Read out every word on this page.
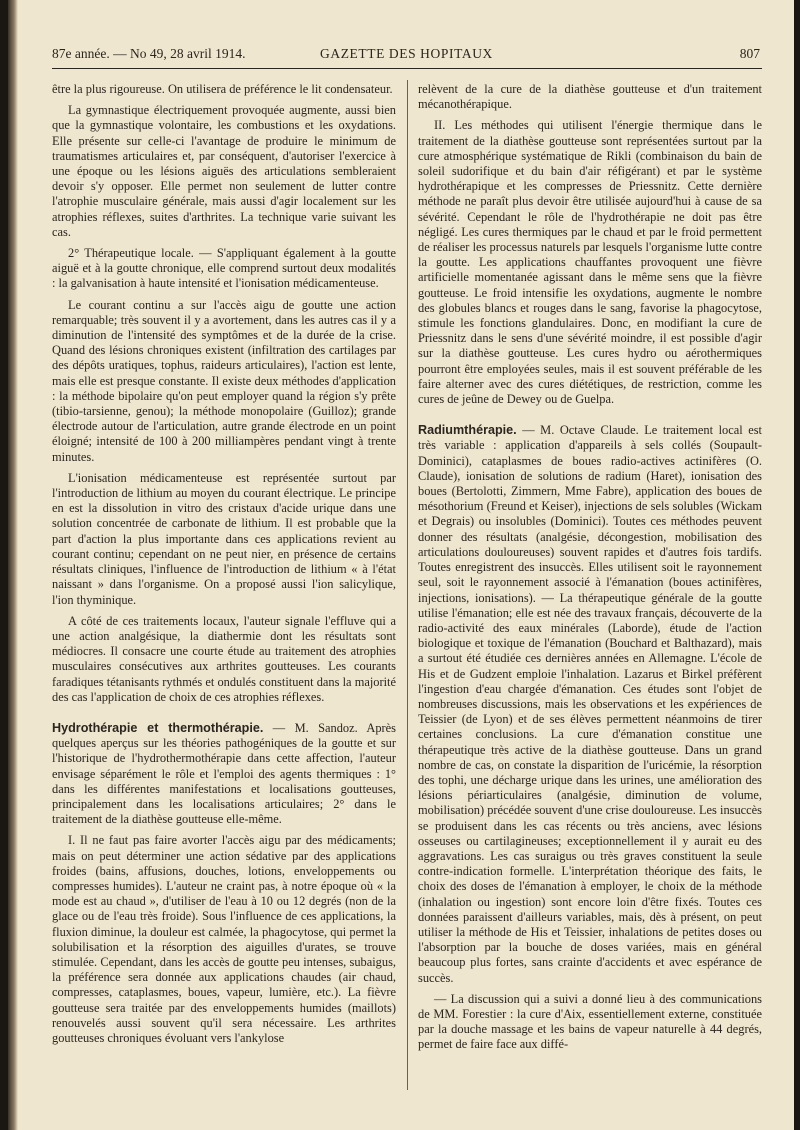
87e année. — No 49, 28 avril 1914.	GAZETTE DES HOPITAUX	807

être la plus rigoureuse. On utilisera de préférence le lit condensateur.

La gymnastique électriquement provoquée augmente, aussi bien que la gymnastique volontaire, les combustions et les oxydations. Elle présente sur celle-ci l'avantage de produire le minimum de traumatismes articulaires et, par conséquent, d'autoriser l'exercice à une époque ou les lésions aiguës des articulations sembleraient devoir s'y opposer. Elle permet non seulement de lutter contre l'atrophie musculaire générale, mais aussi d'agir localement sur les atrophies réflexes, suites d'arthrites. La technique varie suivant les cas.

2° Thérapeutique locale. — S'appliquant également à la goutte aiguë et à la goutte chronique, elle comprend surtout deux modalités : la galvanisation à haute intensité et l'ionisation médicamenteuse.

Le courant continu a sur l'accès aigu de goutte une action remarquable; très souvent il y a avortement, dans les autres cas il y a diminution de l'intensité des symptômes et de la durée de la crise. Quand des lésions chroniques existent (infiltration des cartilages par des dépôts uratiques, tophus, raideurs articulaires), l'action est lente, mais elle est presque constante. Il existe deux méthodes d'application : la méthode bipolaire qu'on peut employer quand la région s'y prête (tibio-tarsienne, genou); la méthode monopolaire (Guilloz); grande électrode autour de l'articulation, autre grande électrode en un point éloigné; intensité de 100 à 200 milliampères pendant vingt à trente minutes.

L'ionisation médicamenteuse est représentée surtout par l'introduction de lithium au moyen du courant électrique. Le principe en est la dissolution in vitro des cristaux d'acide urique dans une solution concentrée de carbonate de lithium. Il est probable que la part d'action la plus importante dans ces applications revient au courant continu; cependant on ne peut nier, en présence de certains résultats cliniques, l'influence de l'introduction de lithium « à l'état naissant » dans l'organisme. On a proposé aussi l'ion salicylique, l'ion thyminique.

A côté de ces traitements locaux, l'auteur signale l'effluve qui a une action analgésique, la diathermie dont les résultats sont médiocres. Il consacre une courte étude au traitement des atrophies musculaires consécutives aux arthrites goutteuses. Les courants faradiques tétanisants rythmés et ondulés constituent dans la majorité des cas l'application de choix de ces atrophies réflexes.

Hydrothérapie et thermothérapie. — M. Sandoz. Après quelques aperçus sur les théories pathogéniques de la goutte et sur l'historique de l'hydrothermothérapie dans cette affection, l'auteur envisage séparément le rôle et l'emploi des agents thermiques : 1° dans les différentes manifestations et localisations goutteuses, principalement dans les localisations articulaires; 2° dans le traitement de la diathèse goutteuse elle-même.

I. Il ne faut pas faire avorter l'accès aigu par des médicaments; mais on peut déterminer une action sédative par des applications froides (bains, affusions, douches, lotions, enveloppements ou compresses humides). L'auteur ne craint pas, à notre époque où « la mode est au chaud », d'utiliser de l'eau à 10 ou 12 degrés (non de la glace ou de l'eau très froide). Sous l'influence de ces applications, la fluxion diminue, la douleur est calmée, la phagocytose, qui permet la solubilisation et la résorption des aiguilles d'urates, se trouve stimulée. Cependant, dans les accès de goutte peu intenses, subaigus, la préférence sera donnée aux applications chaudes (air chaud, compresses, cataplasmes, boues, vapeur, lumière, etc.). La fièvre goutteuse sera traitée par des enveloppements humides (maillots) renouvelés aussi souvent qu'il sera nécessaire. Les arthrites goutteuses chroniques évoluant vers l'ankylose

relèvent de la cure de la diathèse goutteuse et d'un traitement mécanothérapique.

II. Les méthodes qui utilisent l'énergie thermique dans le traitement de la diathèse goutteuse sont représentées surtout par la cure atmosphérique systématique de Rikli (combinaison du bain de soleil sudorifique et du bain d'air réfigérant) et par le système hydrothérapique et les compresses de Priessnitz. Cette dernière méthode ne paraît plus devoir être utilisée aujourd'hui à cause de sa sévérité. Cependant le rôle de l'hydrothérapie ne doit pas être négligé. Les cures thermiques par le chaud et par le froid permettent de réaliser les processus naturels par lesquels l'organisme lutte contre la goutte. Les applications chauffantes provoquent une fièvre artificielle momentanée agissant dans le même sens que la fièvre goutteuse. Le froid intensifie les oxydations, augmente le nombre des globules blancs et rouges dans le sang, favorise la phagocytose, stimule les fonctions glandulaires. Donc, en modifiant la cure de Priessnitz dans le sens d'une sévérité moindre, il est possible d'agir sur la diathèse goutteuse. Les cures hydro ou aérothermiques pourront être employées seules, mais il est souvent préférable de les faire alterner avec des cures diététiques, de restriction, comme les cures de jeûne de Dewey ou de Guelpa.

Radiumthérapie. — M. Octave Claude. Le traitement local est très variable : application d'appareils à sels collés (Soupault-Dominici), cataplasmes de boues radio-actives actinifères (O. Claude), ionisation de solutions de radium (Haret), ionisation des boues (Bertolotti, Zimmern, Mme Fabre), application des boues de mésothorium (Freund et Keiser), injections de sels solubles (Wickam et Degrais) ou insolubles (Dominici). Toutes ces méthodes peuvent donner des résultats (analgésie, décongestion, mobilisation des articulations douloureuses) souvent rapides et d'autres fois tardifs. Toutes enregistrent des insuccès. Elles utilisent soit le rayonnement seul, soit le rayonnement associé à l'émanation (boues actinifères, injections, ionisations). — La thérapeutique générale de la goutte utilise l'émanation; elle est née des travaux français, découverte de la radio-activité des eaux minérales (Laborde), étude de l'action biologique et toxique de l'émanation (Bouchard et Balthazard), mais a surtout été étudiée ces dernières années en Allemagne. L'école de His et de Gudzent emploie l'inhalation. Lazarus et Birkel préfèrent l'ingestion d'eau chargée d'émanation. Ces études sont l'objet de nombreuses discussions, mais les observations et les expériences de Teissier (de Lyon) et de ses élèves permettent néanmoins de tirer certaines conclusions. La cure d'émanation constitue une thérapeutique très active de la diathèse goutteuse. Dans un grand nombre de cas, on constate la disparition de l'uricémie, la résorption des tophi, une décharge urique dans les urines, une amélioration des lésions périarticulaires (analgésie, diminution de volume, mobilisation) précédée souvent d'une crise douloureuse. Les insuccès se produisent dans les cas récents ou très anciens, avec lésions osseuses ou cartilagineuses; exceptionnellement il y aurait eu des aggravations. Les cas suraigus ou très graves constituent la seule contre-indication formelle. L'interprétation théorique des faits, le choix des doses de l'émanation à employer, le choix de la méthode (inhalation ou ingestion) sont encore loin d'être fixés. Toutes ces données paraissent d'ailleurs variables, mais, dès à présent, on peut utiliser la méthode de His et Teissier, inhalations de petites doses ou l'absorption par la bouche de doses variées, mais en général beaucoup plus fortes, sans crainte d'accidents et avec espérance de succès.

— La discussion qui a suivi a donné lieu à des communications de MM. Forestier : la cure d'Aix, essentiellement externe, constituée par la douche massage et les bains de vapeur naturelle à 44 degrés, permet de faire face aux diffé-
